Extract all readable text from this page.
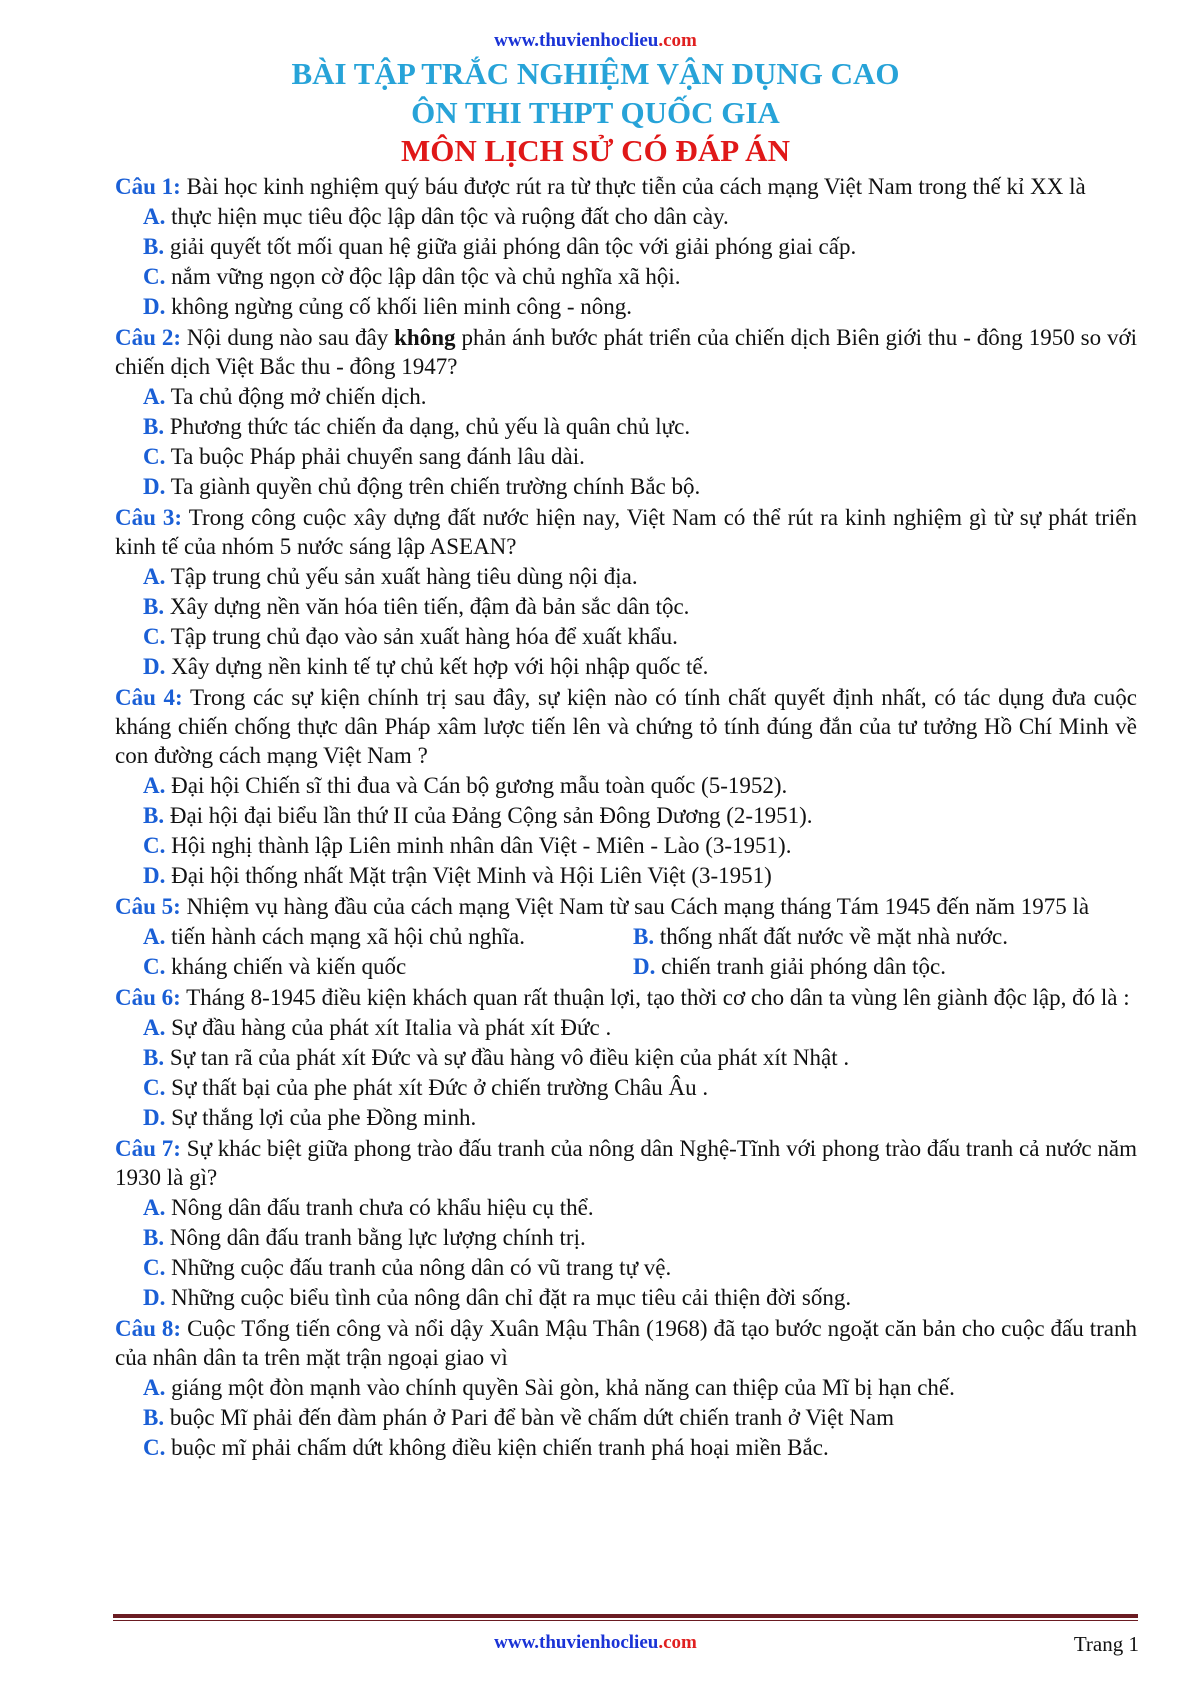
www.thuvienhoclieu.com
BÀI TẬP TRẮC NGHIỆM VẬN DỤNG CAO
ÔN THI THPT QUỐC GIA
MÔN LỊCH SỬ CÓ ĐÁP ÁN

Câu 1: Bài học kinh nghiệm quý báu được rút ra từ thực tiễn của cách mạng Việt Nam trong thế kỉ XX là

A. thực hiện mục tiêu độc lập dân tộc và ruộng đất cho dân cày.

B. giải quyết tốt mối quan hệ giữa giải phóng dân tộc với giải phóng giai cấp.

C. nắm vững ngọn cờ độc lập dân tộc và chủ nghĩa xã hội.

D. không ngừng củng cố khối liên minh công - nông.

Câu 2: Nội dung nào sau đây không phản ánh bước phát triển của chiến dịch Biên giới thu - đông 1950 so với chiến dịch Việt Bắc thu - đông 1947?

A. Ta chủ động mở chiến dịch.

B. Phương thức tác chiến đa dạng, chủ yếu là quân chủ lực.

C. Ta buộc Pháp phải chuyển sang đánh lâu dài.

D. Ta giành quyền chủ động trên chiến trường chính Bắc bộ.

Câu 3: Trong công cuộc xây dựng đất nước hiện nay, Việt Nam có thể rút ra kinh nghiệm gì từ sự phát triển kinh tế của nhóm 5 nước sáng lập ASEAN?

A. Tập trung chủ yếu sản xuất hàng tiêu dùng nội địa.

B. Xây dựng nền văn hóa tiên tiến, đậm đà bản sắc dân tộc.

C. Tập trung chủ đạo vào sản xuất hàng hóa để xuất khẩu.

D. Xây dựng nền kinh tế tự chủ kết hợp với hội nhập quốc tế.

Câu 4: Trong các sự kiện chính trị sau đây, sự kiện nào có tính chất quyết định nhất, có tác dụng đưa cuộc kháng chiến chống thực dân Pháp xâm lược tiến lên và chứng tỏ tính đúng đắn của tư tưởng Hồ Chí Minh về con đường cách mạng Việt Nam ?

A. Đại hội Chiến sĩ thi đua và Cán bộ gương mẫu toàn quốc (5-1952).

B. Đại hội đại biểu lần thứ II của Đảng Cộng sản Đông Dương (2-1951).

C. Hội nghị thành lập Liên minh nhân dân Việt - Miên - Lào (3-1951).

D. Đại hội thống nhất Mặt trận Việt Minh và Hội Liên Việt (3-1951)

Câu 5: Nhiệm vụ hàng đầu của cách mạng Việt Nam từ sau Cách mạng tháng Tám 1945 đến năm 1975 là

A. tiến hành cách mạng xã hội chủ nghĩa.	B. thống nhất đất nước về mặt nhà nước.
C. kháng chiến và kiến quốc	D. chiến tranh giải phóng dân tộc.

Câu 6: Tháng 8-1945 điều kiện khách quan rất thuận lợi, tạo thời cơ cho dân ta vùng lên giành độc lập, đó là :

A. Sự đầu hàng của phát xít Italia và phát xít Đức .

B. Sự tan rã của phát xít Đức và sự đầu hàng vô điều kiện của phát xít Nhật .

C. Sự thất bại của phe phát xít Đức ở chiến trường Châu Âu .

D. Sự thắng lợi của phe Đồng minh.

Câu 7: Sự khác biệt giữa phong trào đấu tranh của nông dân Nghệ-Tĩnh với phong trào đấu tranh cả nước năm 1930 là gì?

A. Nông dân đấu tranh chưa có khẩu hiệu cụ thể.

B. Nông dân đấu tranh bằng lực lượng chính trị.

C. Những cuộc đấu tranh của nông dân có vũ trang tự vệ.

D. Những cuộc biểu tình của nông dân chỉ đặt ra mục tiêu cải thiện đời sống.

Câu 8: Cuộc Tổng tiến công và nổi dậy Xuân Mậu Thân (1968) đã tạo bước ngoặt căn bản cho cuộc đấu tranh của nhân dân ta trên mặt trận ngoại giao vì

A. giáng một đòn mạnh vào chính quyền Sài gòn, khả năng can thiệp của Mĩ bị hạn chế.

B. buộc Mĩ phải đến đàm phán ở Pari để bàn về chấm dứt chiến tranh ở Việt Nam

C. buộc mĩ phải chấm dứt không điều kiện chiến tranh phá hoại miền Bắc.

www.thuvienhoclieu.com	Trang 1
